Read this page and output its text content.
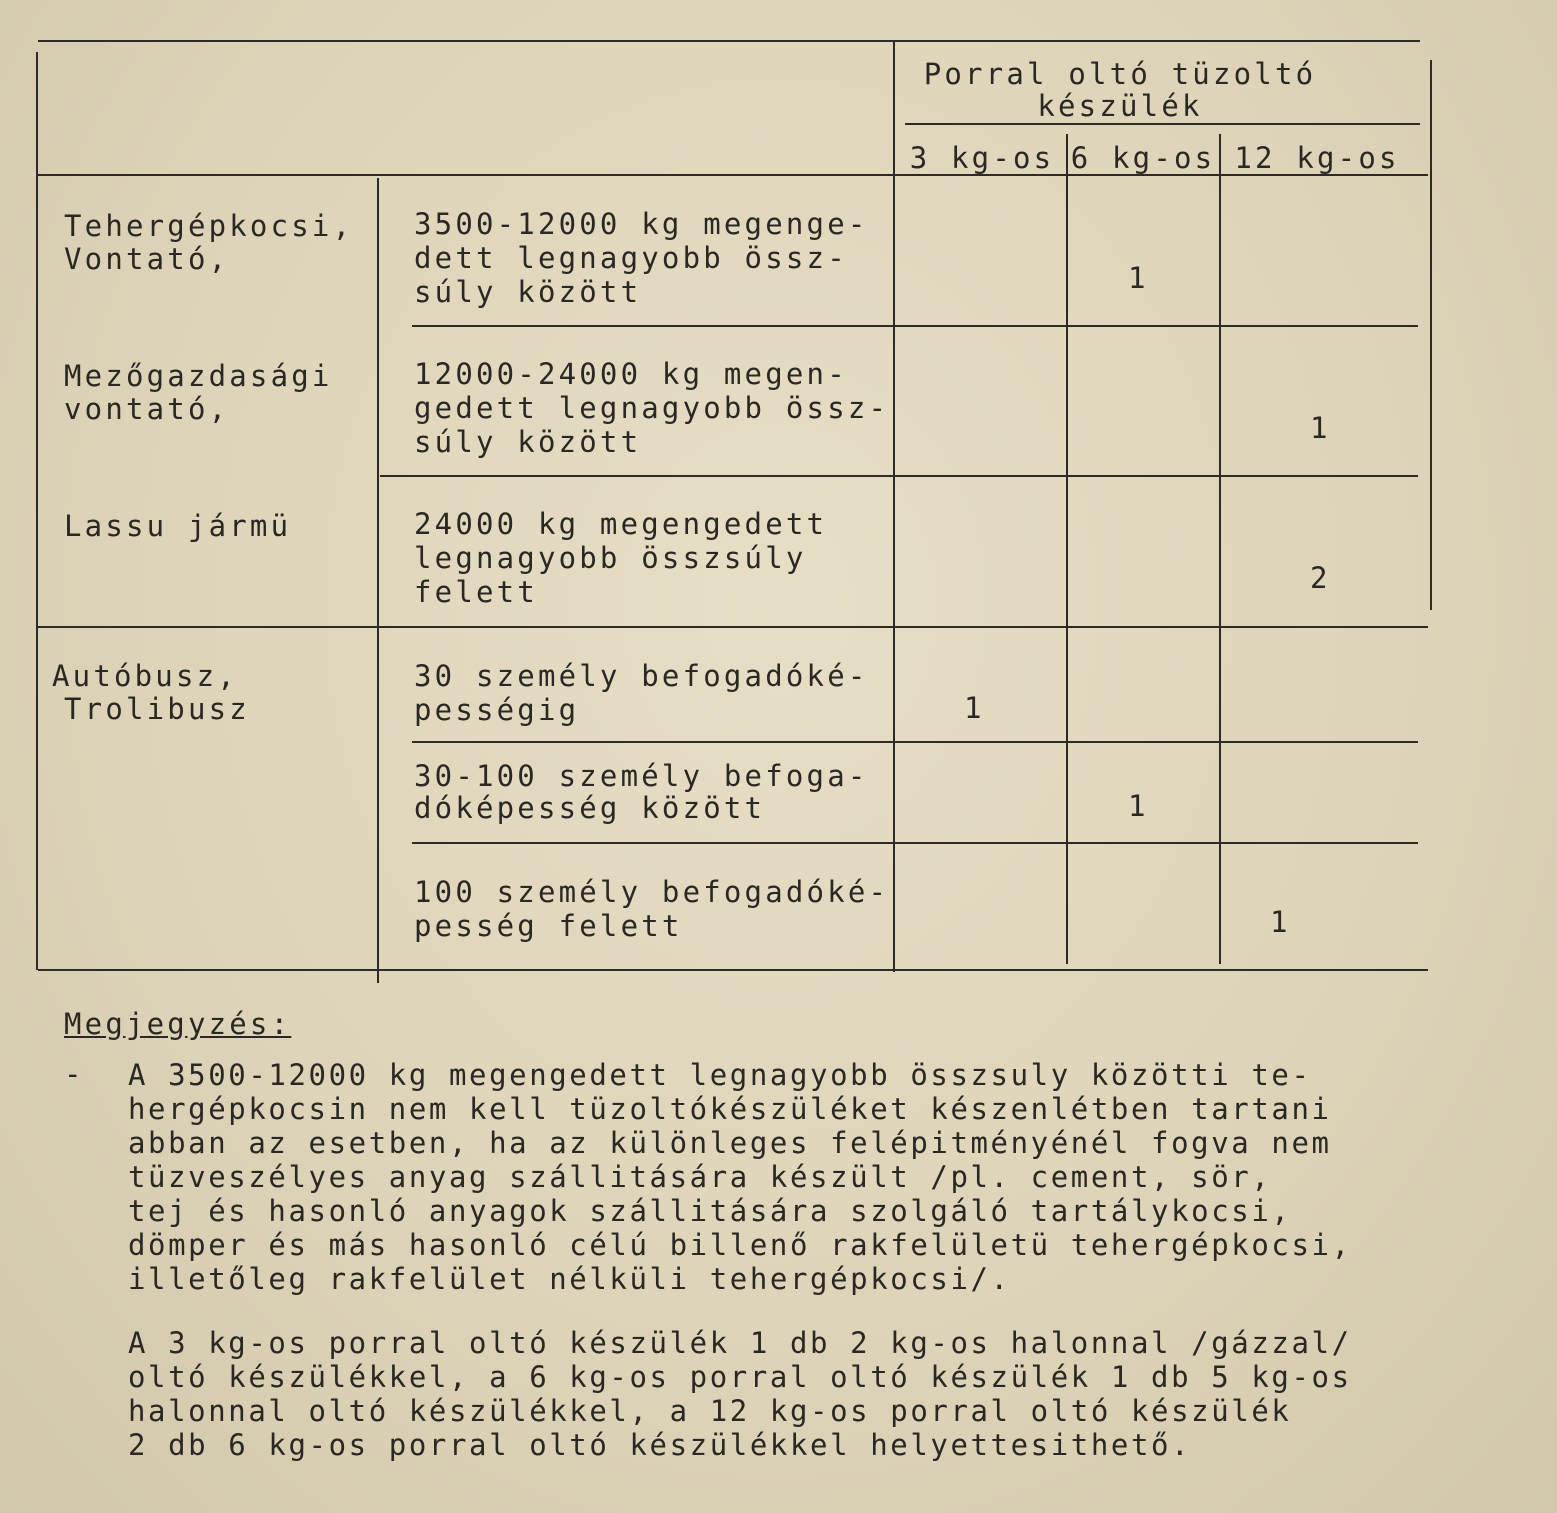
Porral oltó tüzoltó
készülék
3 kg-os 6 kg-os 12 kg-os
Tehergépkocsi,
Vontató,
Mezőgazdasági
vontató,
Lassu jármü
Autóbusz,
Trolibusz
3500-12000 kg megenge-
dett legnagyobb össz-
súly között
12000-24000 kg megen-
gedett legnagyobb össz-
súly között
24000 kg megengedett
legnagyobb összsúly
felett
30 személy befogadóké-
pességig
30-100 személy befoga-
dóképesség között
100 személy befogadóké-
pesség felett
1
1
2
1
1
1
Megjegyzés:
- A 3500-12000 kg megengedett legnagyobb összsuly közötti te-
hergépkocsin nem kell tüzoltókészüléket készenlétben tartani
abban az esetben, ha az különleges felépitményénél fogva nem
tüzveszélyes anyag szállitására készült /pl. cement, sör,
tej és hasonló anyagok szállitására szolgáló tartálykocsi,
dömper és más hasonló célú billenő rakfelületü tehergépkocsi,
illetőleg rakfelület nélküli tehergépkocsi/.
A 3 kg-os porral oltó készülék 1 db 2 kg-os halonnal /gázzal/
oltó készülékkel, a 6 kg-os porral oltó készülék 1 db 5 kg-os
halonnal oltó készülékkel, a 12 kg-os porral oltó készülék
2 db 6 kg-os porral oltó készülékkel helyettesithető.
